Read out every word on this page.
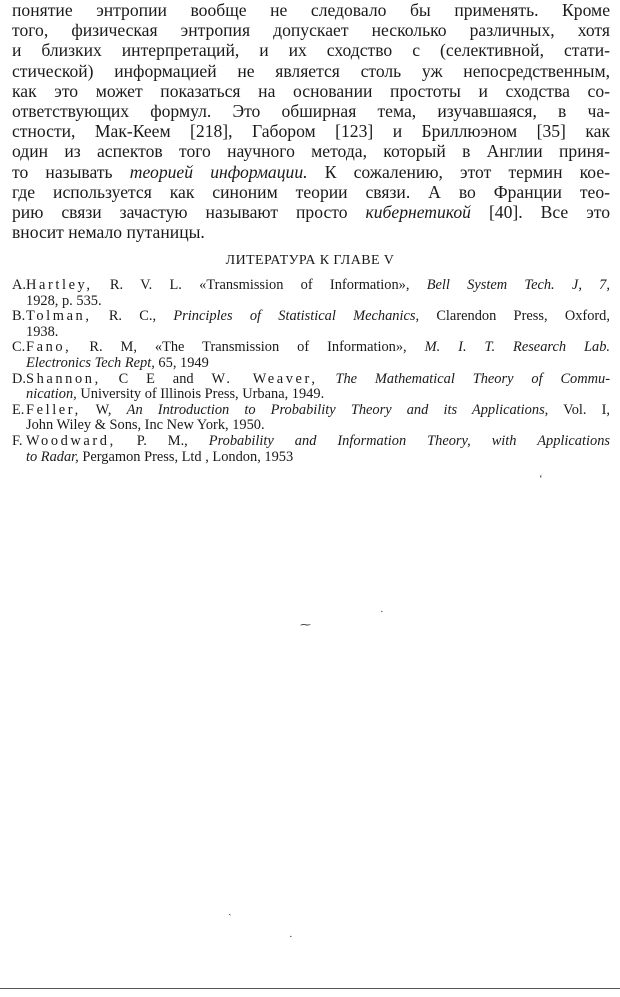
понятие энтропии вообще не следовало бы применять. Кроме
того, физическая энтропия допускает несколько различных, хотя
и близких интерпретаций, и их сходство с (селективной, стати-
стической) информацией не является столь уж непосредственным,
как это может показаться на основании простоты и сходства со-
ответствующих формул. Это обширная тема, изучавшаяся, в ча-
стности, Мак-Кеем [218], Габором [123] и Бриллюэном [35] как
один из аспектов того научного метода, который в Англии приня-
то называть теорией информации. К сожалению, этот термин кое-
где используется как синоним теории связи. А во Франции тео-
рию связи зачастую называют просто кибернетикой [40]. Все это
вносит немало путаницы.
ЛИТЕРАТУРА К ГЛАВЕ V
A. Hartley, R. V. L. «Transmission of Information», Bell System Tech. J, 7,
1928, p. 535.
B. Tolman, R. C., Principles of Statistical Mechanics, Clarendon Press, Oxford,
1938.
C. Fano, R. M, «The Transmission of Information», M. I. T. Research Lab.
Electronics Tech Rept, 65, 1949
D. Shannon, C E and W. Weaver, The Mathematical Theory of Commu-
nication, University of Illinois Press, Urbana, 1949.
E. Feller, W, An Introduction to Probability Theory and its Applications, Vol. I,
John Wiley & Sons, Inc New York, 1950.
F. Woodward, P. M., Probability and Information Theory, with Applications
to Radar, Pergamon Press, Ltd , London, 1953
ʻ
⁓
·
ˏ
·
